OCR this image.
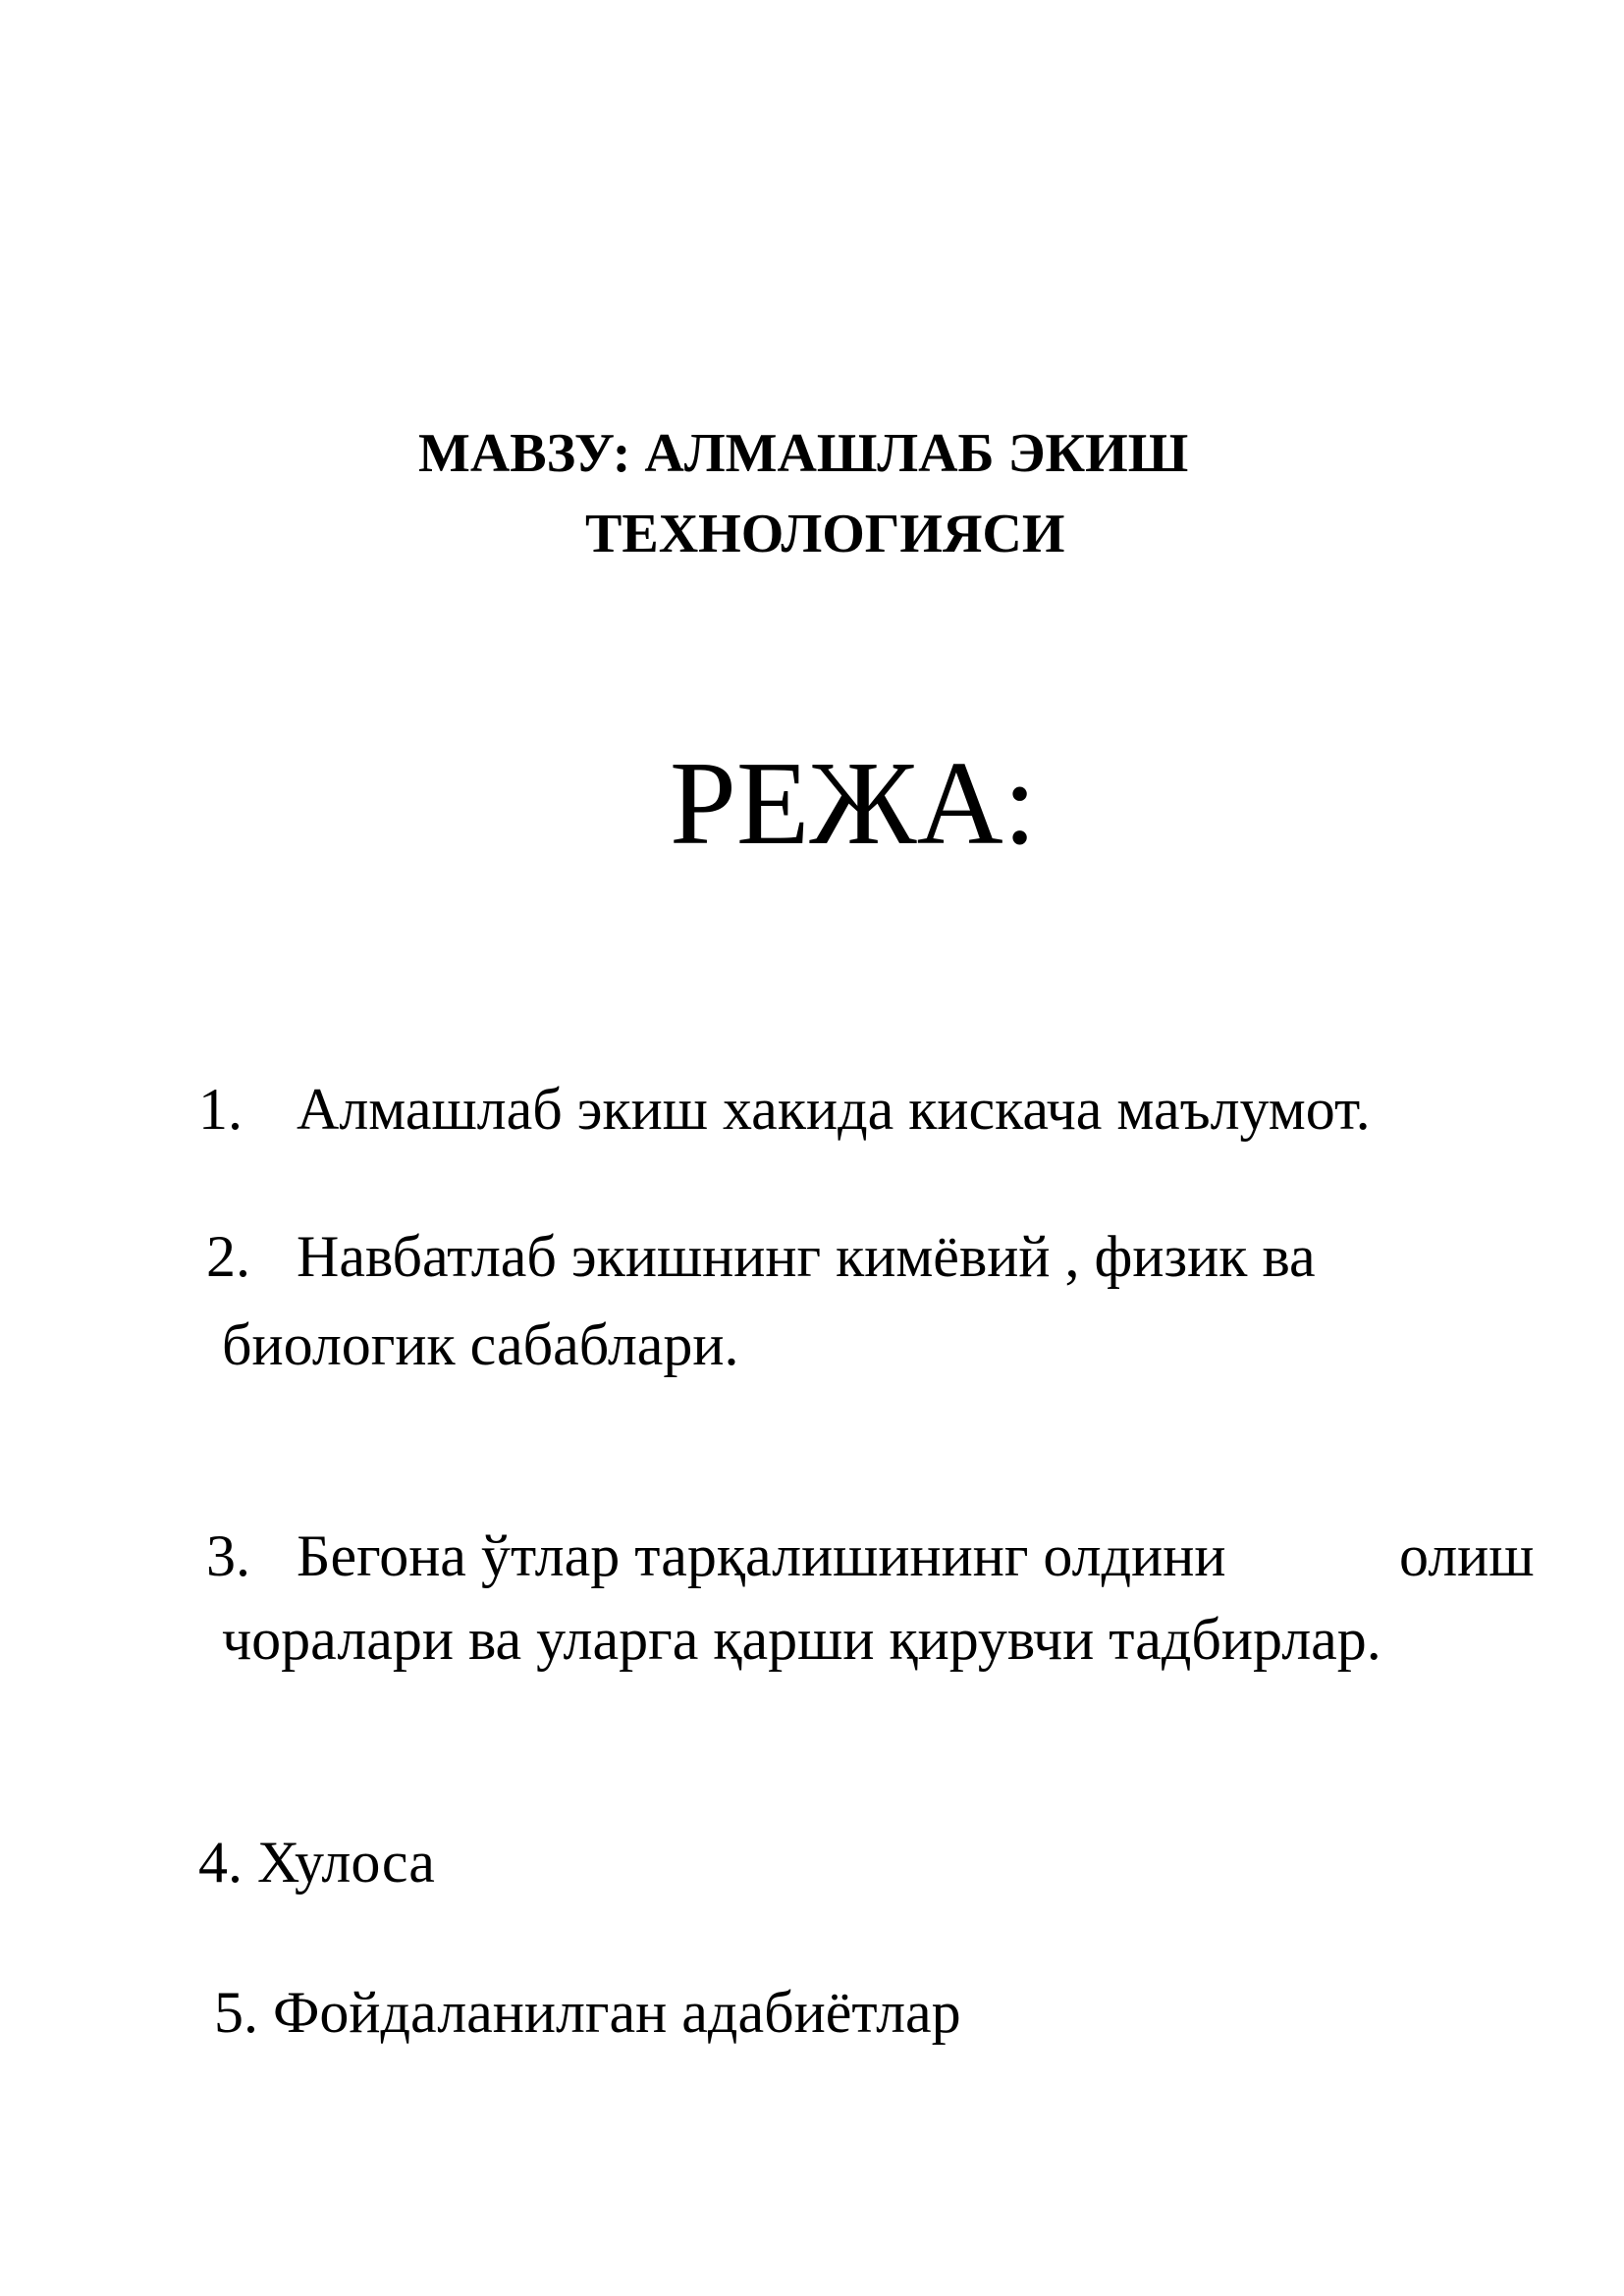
МАВЗУ: АЛМАШЛАБ ЭКИШ
ТЕХНОЛОГИЯСИ
РЕЖА:
1. Алмашлаб экиш хакида кискача маълумот.
2. Навбатлаб экишнинг кимёвий , физик ва
биологик сабаблари.
3. Бегона ўтлар тарқалишининг олдини	олиш
чоралари ва уларга қарши қирувчи тадбирлар.
4. Хулоса
5. Фойдаланилган адабиётлар
